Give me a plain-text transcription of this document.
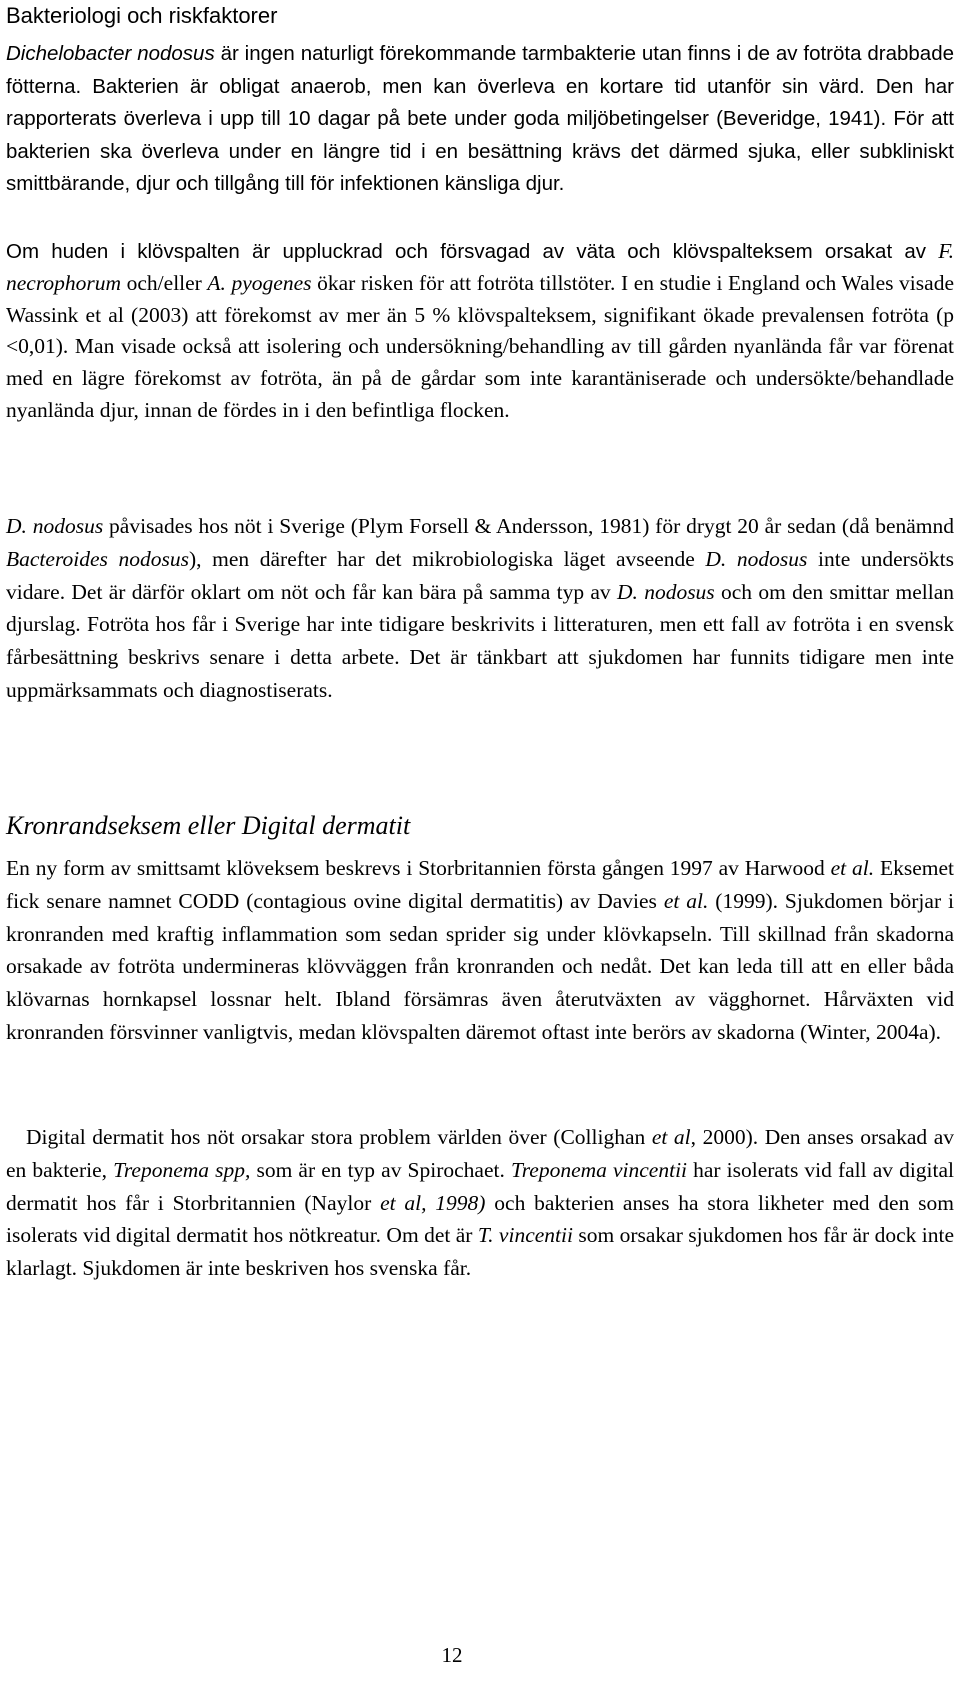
Bakteriologi och riskfaktorer

Dichelobacter nodosus är ingen naturligt förekommande tarmbakterie utan finns i de av fotröta drabbade fötterna. Bakterien är obligat anaerob, men kan överleva en kortare tid utanför sin värd. Den har rapporterats överleva i upp till 10 dagar på bete under goda miljöbetingelser (Beveridge, 1941). För att bakterien ska överleva under en längre tid i en besättning krävs det därmed sjuka, eller subkliniskt smittbärande, djur och tillgång till för infektionen känsliga djur.

Om huden i klövspalten är uppluckrad och försvagad av väta och klövspalteksem orsakat av F. necrophorum och/eller A. pyogenes ökar risken för att fotröta tillstöter. I en studie i England och Wales visade Wassink et al (2003) att förekomst av mer än 5 % klövspalteksem, signifikant ökade prevalensen fotröta (p <0,01). Man visade också att isolering och undersökning/behandling av till gården nyanlända får var förenat med en lägre förekomst av fotröta, än på de gårdar som inte karantäniserade och undersökte/behandlade nyanlända djur, innan de fördes in i den befintliga flocken.

D. nodosus påvisades hos nöt i Sverige (Plym Forsell & Andersson, 1981) för drygt 20 år sedan (då benämnd Bacteroides nodosus), men därefter har det mikrobiologiska läget avseende D. nodosus inte undersökts vidare. Det är därför oklart om nöt och får kan bära på samma typ av D. nodosus och om den smittar mellan djurslag. Fotröta hos får i Sverige har inte tidigare beskrivits i litteraturen, men ett fall av fotröta i en svensk fårbesättning beskrivs senare i detta arbete. Det är tänkbart att sjukdomen har funnits tidigare men inte uppmärksammats och diagnostiserats.

Kronrandseksem eller Digital dermatit

En ny form av smittsamt klöveksem beskrevs i Storbritannien första gången 1997 av Harwood et al. Eksemet fick senare namnet CODD (contagious ovine digital dermatitis) av Davies et al. (1999). Sjukdomen börjar i kronranden med kraftig inflammation som sedan sprider sig under klövkapseln. Till skillnad från skadorna orsakade av fotröta undermineras klövväggen från kronranden och nedåt. Det kan leda till att en eller båda klövarnas hornkapsel lossnar helt. Ibland försämras även återutväxten av vägghornet. Hårväxten vid kronranden försvinner vanligtvis, medan klövspalten däremot oftast inte berörs av skadorna (Winter, 2004a).

Digital dermatit hos nöt orsakar stora problem världen över (Collighan et al, 2000). Den anses orsakad av en bakterie, Treponema spp, som är en typ av Spirochaet. Treponema vincentii har isolerats vid fall av digital dermatit hos får i Storbritannien (Naylor et al, 1998) och bakterien anses ha stora likheter med den som isolerats vid digital dermatit hos nötkreatur. Om det är T. vincentii som orsakar sjukdomen hos får är dock inte klarlagt. Sjukdomen är inte beskriven hos svenska får.

12
